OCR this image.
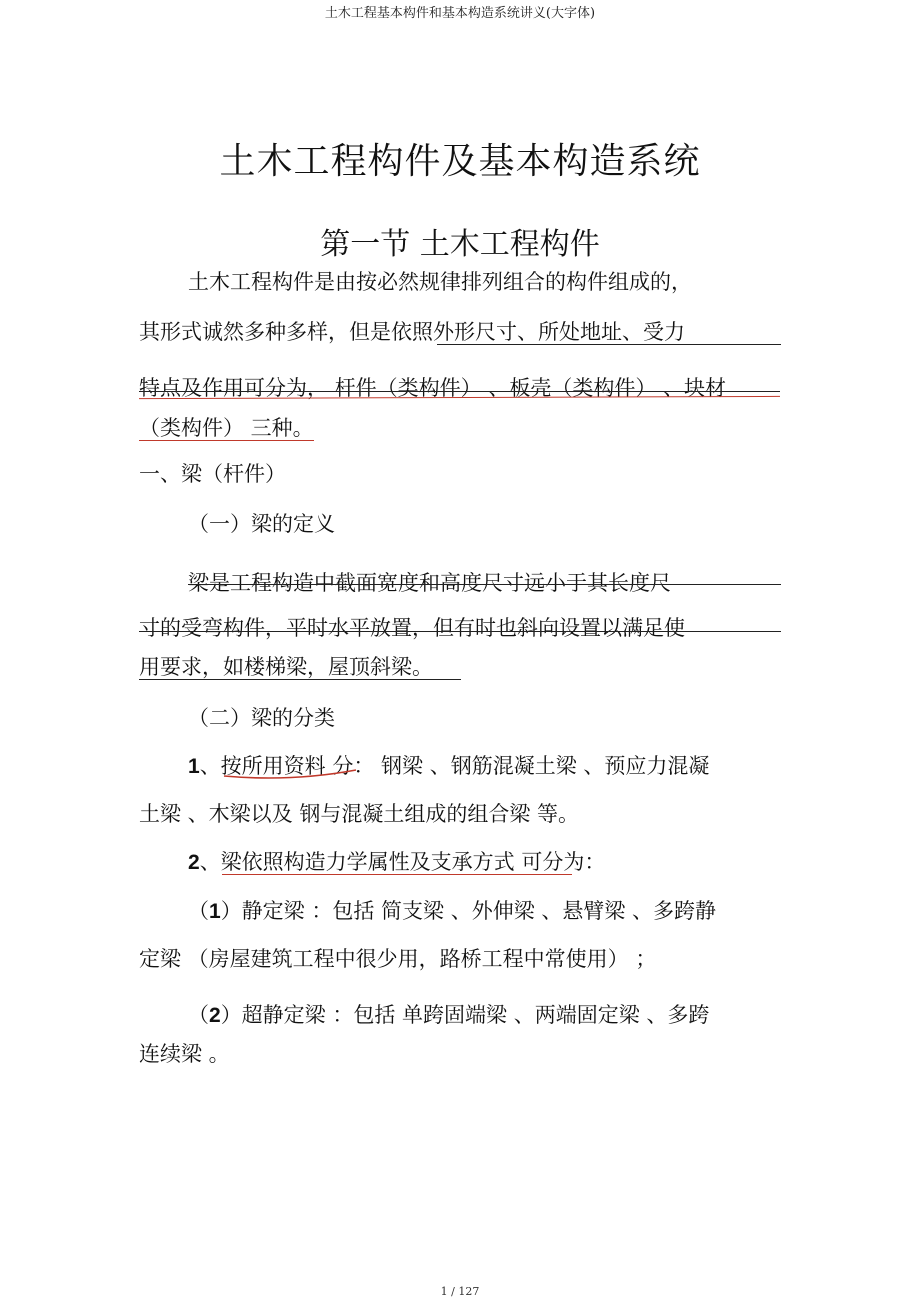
土木工程基本构件和基本构造系统讲义(大字体)
土木工程构件及基本构造系统
第一节 土木工程构件
土木工程构件是由按必然规律排列组合的构件组成的，
其形式诚然多种多样，但是依照外形尺寸、所处地址、受力
特点及作用可分为， 杆件（类构件） 、板壳（类构件） 、块材
（类构件） 三种。
一、梁（杆件）
（一）梁的定义
梁是工程构造中截面宽度和高度尺寸远小于其长度尺
寸的受弯构件，平时水平放置，但有时也斜向设置以满足使
用要求，如楼梯梁，屋顶斜梁。
（二）梁的分类
1、按所用资料 分： 钢梁 、钢筋混凝土梁 、预应力混凝
土梁 、木梁以及 钢与混凝土组成的组合梁 等。
2、梁依照构造力学属性及支承方式 可分为：
（1）静定梁 ：包括 简支梁 、外伸梁 、悬臂梁 、多跨静
定梁 （房屋建筑工程中很少用，路桥工程中常使用） ；
（2）超静定梁 ：包括 单跨固端梁 、两端固定梁 、多跨
连续梁 。
1 / 127
